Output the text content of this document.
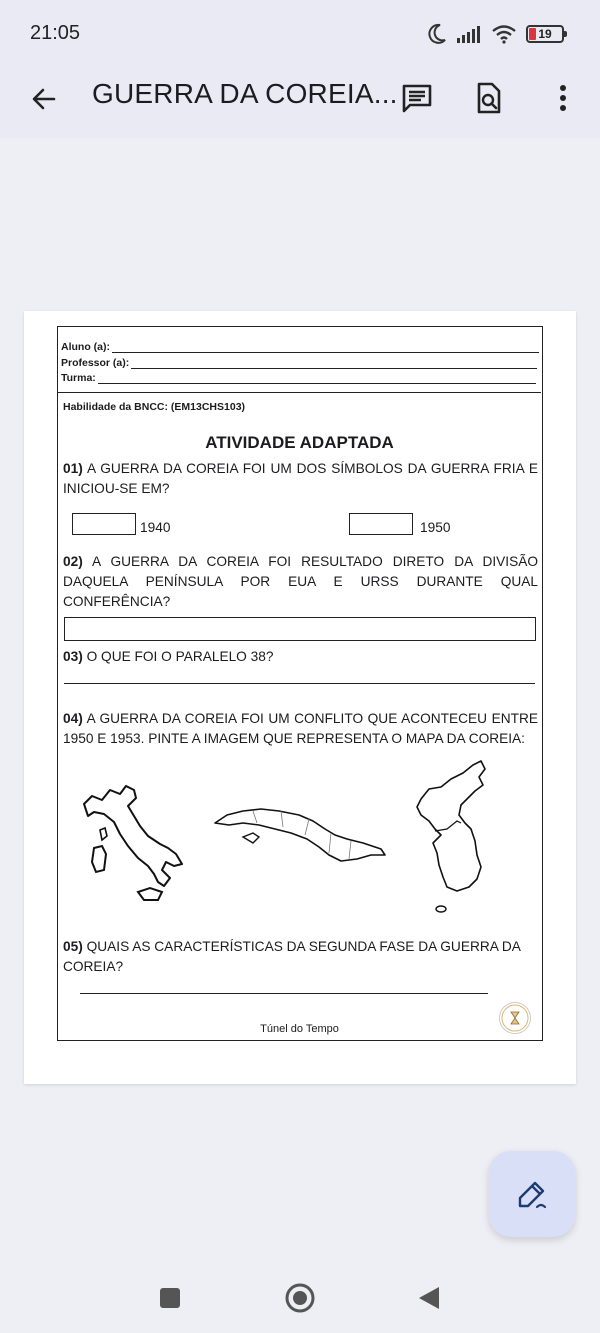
21:05	19
GUERRA DA COREIA...
Aluno (a):
Professor (a):
Turma:
Habilidade da BNCC: (EM13CHS103)
ATIVIDADE ADAPTADA
01) A GUERRA DA COREIA FOI UM DOS SÍMBOLOS DA GUERRA FRIA E INICIOU-SE EM?
1940	1950
02) A GUERRA DA COREIA FOI RESULTADO DIRETO DA DIVISÃO DAQUELA PENÍNSULA POR EUA E URSS DURANTE QUAL CONFERÊNCIA?
03) O QUE FOI O PARALELO 38?
04) A GUERRA DA COREIA FOI UM CONFLITO QUE ACONTECEU ENTRE 1950 E 1953. PINTE A IMAGEM QUE REPRESENTA O MAPA DA COREIA:
05) QUAIS AS CARACTERÍSTICAS DA SEGUNDA FASE DA GUERRA DA COREIA?
Túnel do Tempo
